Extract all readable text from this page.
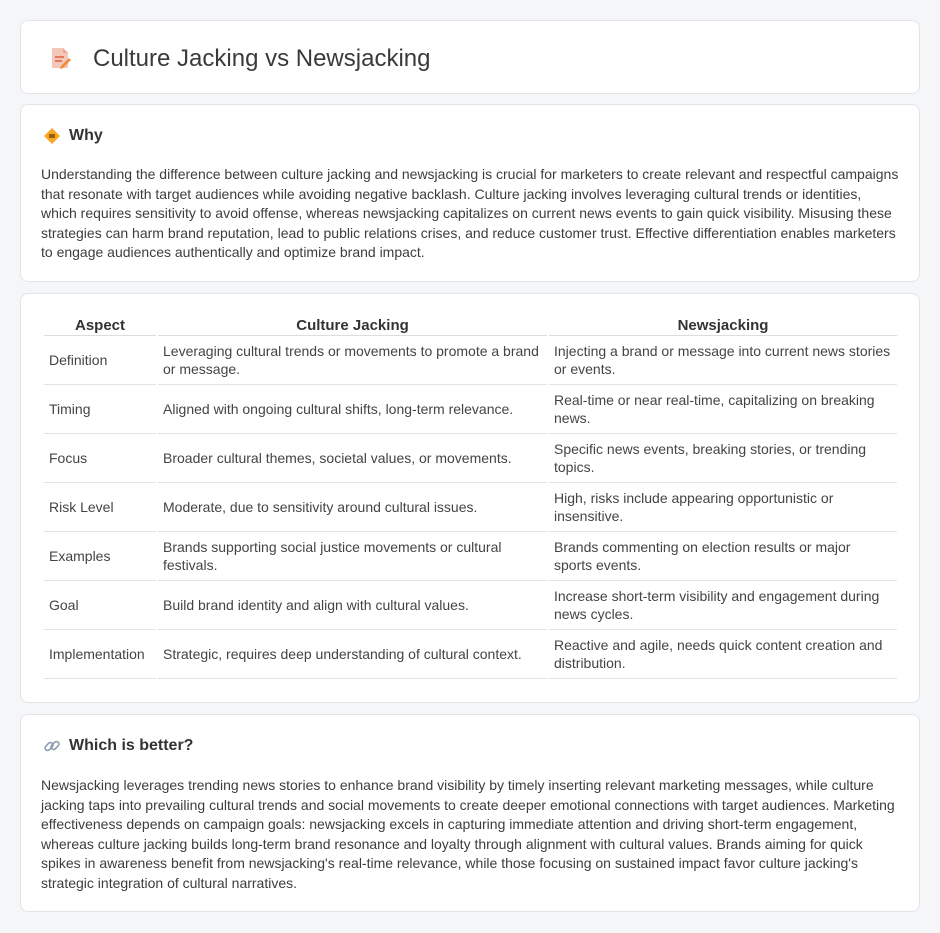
Culture Jacking vs Newsjacking
Why

Understanding the difference between culture jacking and newsjacking is crucial for marketers to create relevant and respectful campaigns that resonate with target audiences while avoiding negative backlash. Culture jacking involves leveraging cultural trends or identities, which requires sensitivity to avoid offense, whereas newsjacking capitalizes on current news events to gain quick visibility. Misusing these strategies can harm brand reputation, lead to public relations crises, and reduce customer trust. Effective differentiation enables marketers to engage audiences authentically and optimize brand impact.

Aspect	Culture Jacking	Newsjacking
Definition	Leveraging cultural trends or movements to promote a brand or message.	Injecting a brand or message into current news stories or events.
Timing	Aligned with ongoing cultural shifts, long-term relevance.	Real-time or near real-time, capitalizing on breaking news.
Focus	Broader cultural themes, societal values, or movements.	Specific news events, breaking stories, or trending topics.
Risk Level	Moderate, due to sensitivity around cultural issues.	High, risks include appearing opportunistic or insensitive.
Examples	Brands supporting social justice movements or cultural festivals.	Brands commenting on election results or major sports events.
Goal	Build brand identity and align with cultural values.	Increase short-term visibility and engagement during news cycles.
Implementation	Strategic, requires deep understanding of cultural context.	Reactive and agile, needs quick content creation and distribution.
Which is better?

Newsjacking leverages trending news stories to enhance brand visibility by timely inserting relevant marketing messages, while culture jacking taps into prevailing cultural trends and social movements to create deeper emotional connections with target audiences. Marketing effectiveness depends on campaign goals: newsjacking excels in capturing immediate attention and driving short-term engagement, whereas culture jacking builds long-term brand resonance and loyalty through alignment with cultural values. Brands aiming for quick spikes in awareness benefit from newsjacking's real-time relevance, while those focusing on sustained impact favor culture jacking's strategic integration of cultural narratives.
